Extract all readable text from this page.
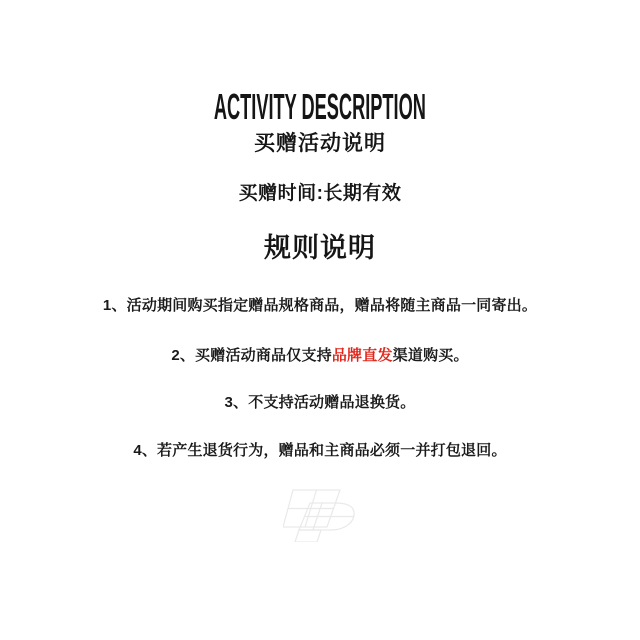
ACTIVITY DESCRIPTION
买赠活动说明
买赠时间:长期有效
规则说明
1、活动期间购买指定赠品规格商品，赠品将随主商品一同寄出。
2、买赠活动商品仅支持品牌直发渠道购买。
3、不支持活动赠品退换货。
4、若产生退货行为，赠品和主商品必须一并打包退回。
